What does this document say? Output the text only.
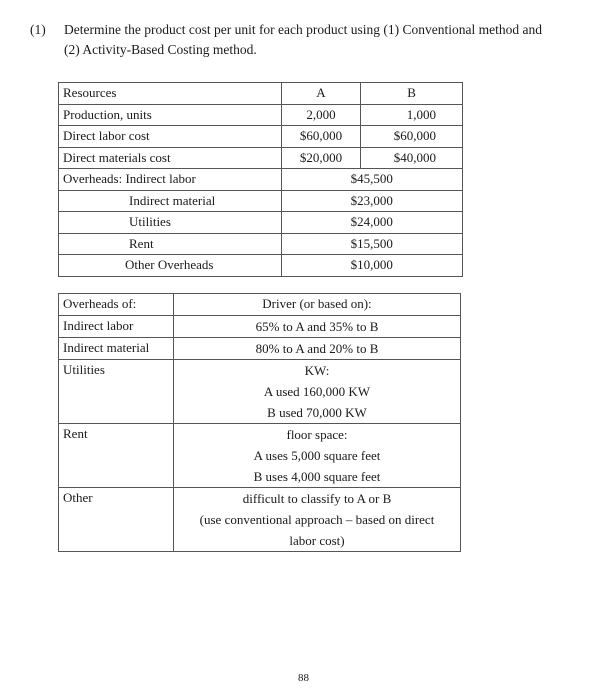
(1)	Determine the product cost per unit for each product using (1) Conventional method and
(2) Activity-Based Costing method.
Resources	A	B
Production, units	2,000	1,000
Direct labor cost	$60,000	$60,000
Direct materials cost	$20,000	$40,000
Overheads: Indirect labor	$45,500	
Indirect material	$23,000	
Utilities	$24,000	
Rent	$15,500	
Other Overheads	$10,000	
Overheads of:	Driver (or based on):
Indirect labor	65% to A and 35% to B

Indirect material	80% to A and 20% to B

Utilities	KW:
A used 160,000 KW
B used 70,000 KW

Rent	floor space:
A uses 5,000 square feet
B uses 4,000 square feet

Other	difficult to classify to A or B
(use conventional approach – based on direct
labor cost)
88
